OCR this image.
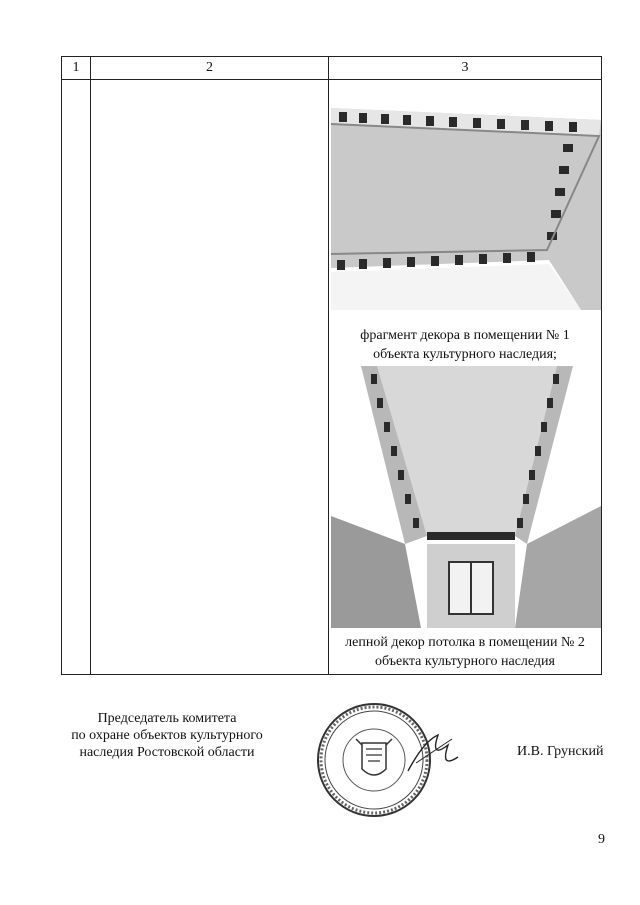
1	2	3

		фрагмент декора в помещении № 1
объекта культурного наследия;
лепной декор потолка в помещении № 2
объекта культурного наследия
Председатель комитета
по охране объектов культурного
наследия Ростовской области	И.В. Грунский
9
